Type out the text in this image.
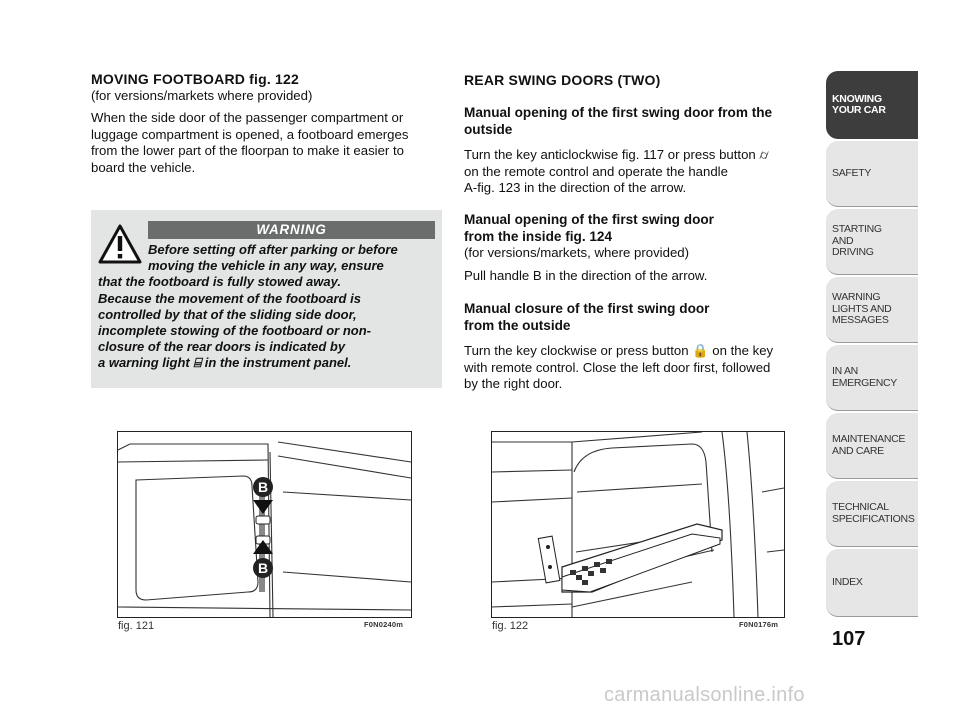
MOVING FOOTBOARD fig. 122
(for versions/markets where provided)
When the side door of the passenger compartment or
luggage compartment is opened, a footboard emerges
from the lower part of the floorpan to make it easier to
board the vehicle.
WARNING
Before setting off after parking or before
moving the vehicle in any way, ensure
that the footboard is fully stowed away.
Because the movement of the footboard is
controlled by that of the sliding side door,
incomplete stowing of the footboard or non-
closure of the rear doors is indicated by
a warning light ⌸ in the instrument panel.
REAR SWING DOORS (TWO)
Manual opening of the first swing door from the
outside
Turn the key anticlockwise fig. 117 or press button ⌭
on the remote control and operate the handle
A-fig. 123 in the direction of the arrow.
Manual opening of the first swing door
from the inside fig. 124
(for versions/markets, where provided)
Pull handle B in the direction of the arrow.
Manual closure of the first swing door
from the outside
Turn the key clockwise or press button 🔒 on the key
with remote control. Close the left door first, followed
by the right door.
B
B
fig. 121	F0N0240m	fig. 122	F0N0176m
KNOWING
YOUR CAR
SAFETY
STARTING
AND
DRIVING
WARNING
LIGHTS AND
MESSAGES
IN AN
EMERGENCY
MAINTENANCE
AND CARE
TECHNICAL
SPECIFICATIONS
INDEX
107
carmanualsonline.info
